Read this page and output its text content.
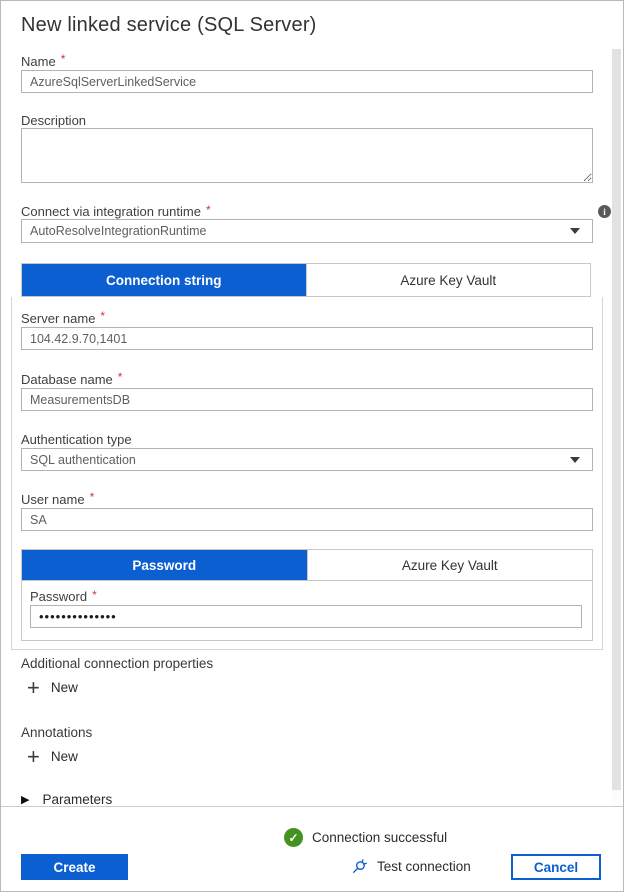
New linked service (SQL Server)
Name *
AzureSqlServerLinkedService
Description
Connect via integration runtime *	i
AutoResolveIntegrationRuntime
Connection string	Azure Key Vault
Server name *
104.42.9.70,1401
Database name *
MeasurementsDB
Authentication type
SQL authentication
User name *
SA
Password	Azure Key Vault
Password *
••••••••••••••
Additional connection properties
+ New
Annotations
+ New
▶ Parameters
✓ Connection successful
Create	Test connection	Cancel
